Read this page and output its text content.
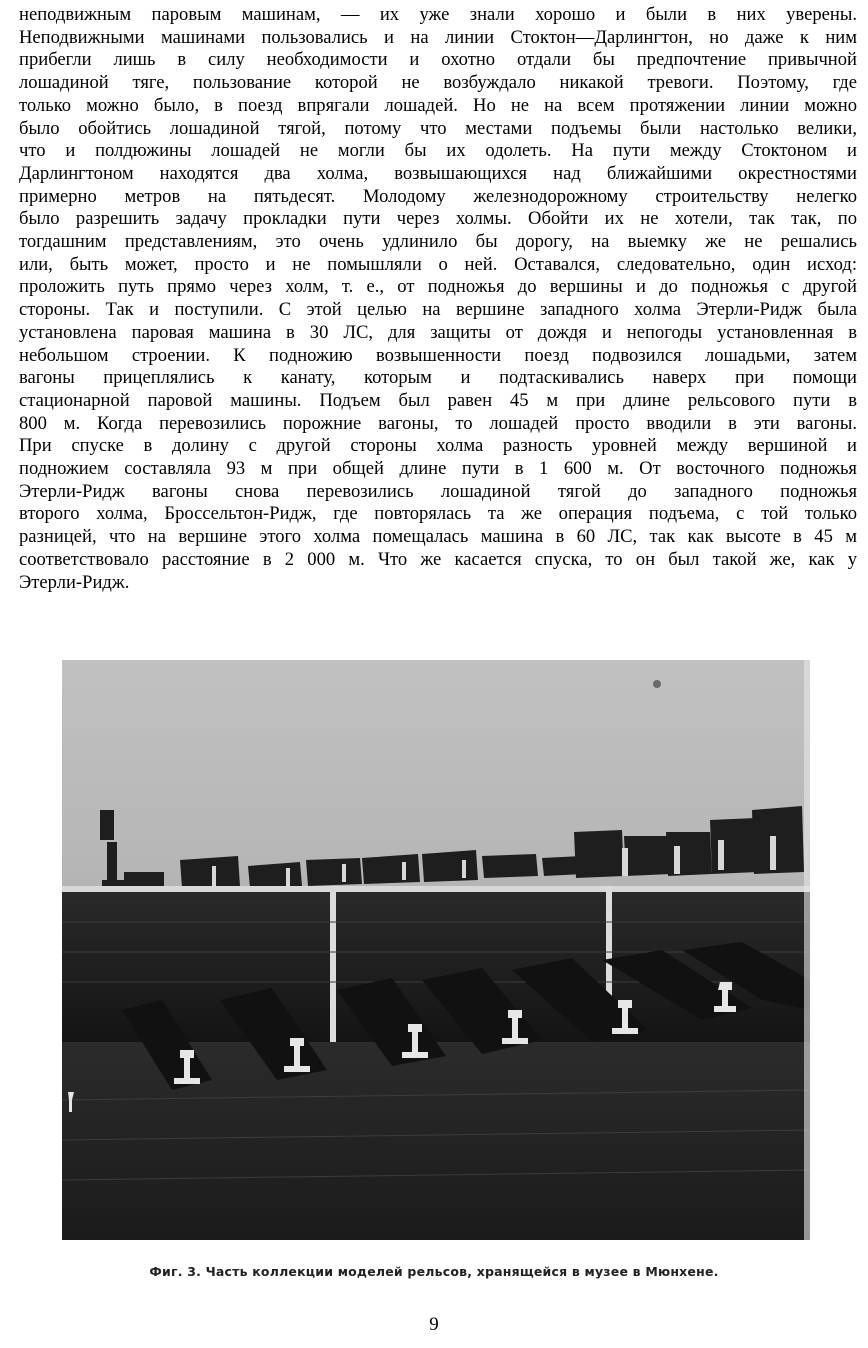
неподвижным паровым машинам, — их уже знали хорошо и были в них уверены.
Неподвижными машинами пользовались и на линии Стоктон—Дарлингтон, но даже к ним
прибегли лишь в силу необходимости и охотно отдали бы предпочтение привычной
лошадиной тяге, пользование которой не возбуждало никакой тревоги. Поэтому, где
только можно было, в поезд впрягали лошадей. Но не на всем протяжении линии можно
было обойтись лошадиной тягой, потому что местами подъемы были настолько велики,
что и полдюжины лошадей не могли бы их одолеть. На пути между Стоктоном и
Дарлингтоном находятся два холма, возвышающихся над ближайшими окрестностями
примерно метров на пятьдесят. Молодому железнодорожному строительству нелегко
было разрешить задачу прокладки пути через холмы. Обойти их не хотели, так так, по
тогдашним представлениям, это очень удлинило бы дорогу, на выемку же не решались
или, быть может, просто и не помышляли о ней. Оставался, следовательно, один исход:
проложить путь прямо через холм, т. е., от подножья до вершины и до подножья с другой
стороны. Так и поступили. С этой целью на вершине западного холма Этерли-Ридж была
установлена паровая машина в 30 ЛС, для защиты от дождя и непогоды установленная в
небольшом строении. К подножию возвышенности поезд подвозился лошадьми, затем
вагоны прицеплялись к канату, которым и подтаскивались наверх при помощи
стационарной паровой машины. Подъем был равен 45 м при длине рельсового пути в
800 м. Когда перевозились порожние вагоны, то лошадей просто вводили в эти вагоны.
При спуске в долину с другой стороны холма разность уровней между вершиной и
подножием составляла 93 м при общей длине пути в 1 600 м. От восточного подножья
Этерли-Ридж вагоны снова перевозились лошадиной тягой до западного подножья
второго холма, Бросcельтон-Ридж, где повторялась та же операция подъема, с той только
разницей, что на вершине этого холма помещалась машина в 60 ЛС, так как высоте в 45 м
соответствовало расстояние в 2 000 м. Что же касается спуска, то он был такой же, как у
Этерли-Ридж.
Фиг. 3. Часть коллекции моделей рельсов, хранящейся в музее в Мюнхене.
9
